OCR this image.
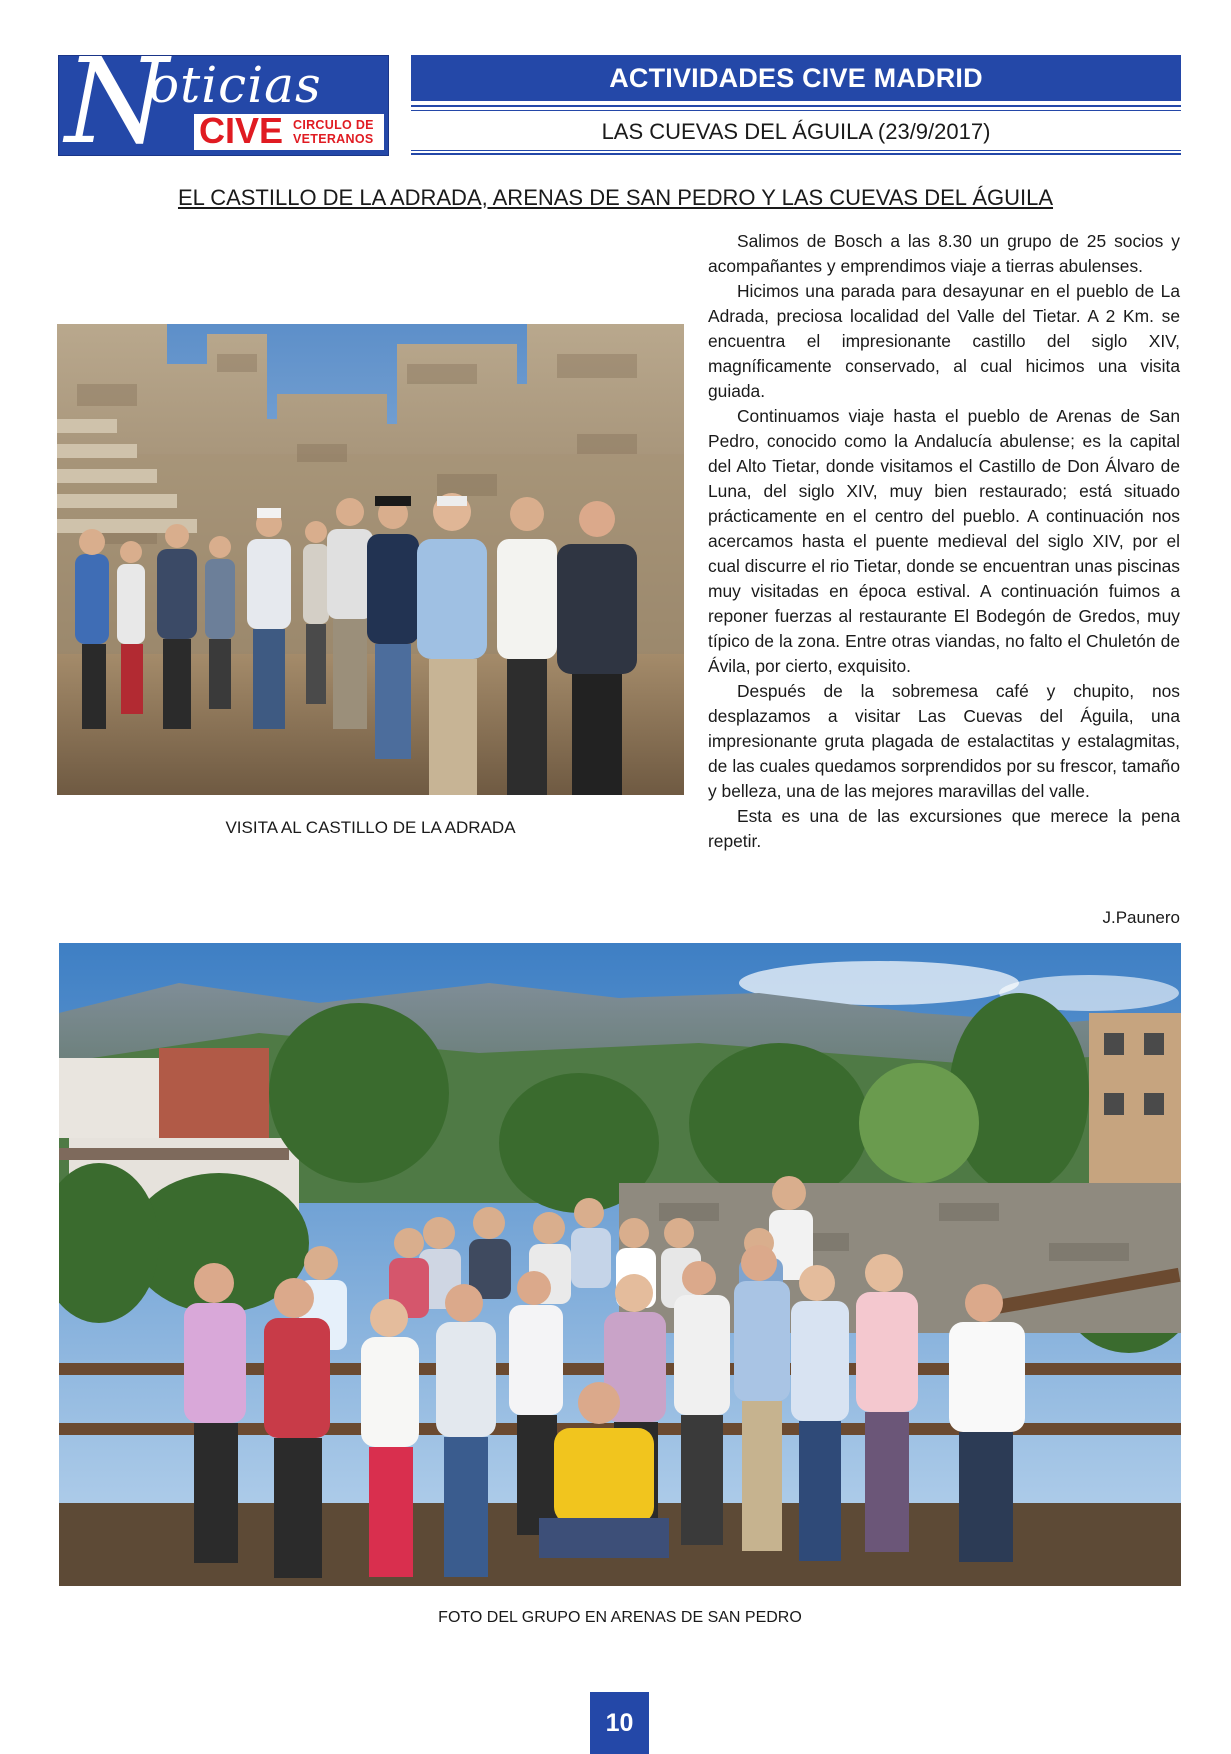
N
oticias
CIVE CIRCULO DE
VETERANOS
ACTIVIDADES CIVE MADRID
LAS CUEVAS DEL ÁGUILA (23/9/2017)
EL CASTILLO DE LA ADRADA, ARENAS DE SAN PEDRO Y LAS CUEVAS DEL ÁGUILA
VISITA AL CASTILLO DE LA ADRADA

Salimos de Bosch a las 8.30 un grupo de 25 socios y acompañantes y emprendimos viaje a tierras abulenses.

Hicimos una parada para desayunar en el pueblo de La Adrada, preciosa localidad del Valle del Tietar. A 2 Km. se encuentra el impresionante castillo del siglo XIV, magníficamente conservado, al cual hicimos una visita guiada.

Continuamos viaje hasta el pueblo de Arenas de San Pedro, conocido como la Andalucía abulense; es la capital del Alto Tietar, donde visitamos el Castillo de Don Álvaro de Luna, del siglo XIV, muy bien restaurado; está situado prácticamente en el centro del pueblo. A continuación nos acercamos hasta el puente medieval del siglo XIV, por el cual discurre el rio Tietar, donde se encuentran unas piscinas muy visitadas en época estival. A continuación fuimos a reponer fuerzas al restaurante El Bodegón de Gredos, muy típico de la zona. Entre otras viandas, no falto el Chuletón de Ávila, por cierto, exquisito.

Después de la sobremesa café y chupito, nos desplazamos a visitar Las Cuevas del Águila, una impresionante gruta plagada de estalactitas y estalagmitas, de las cuales quedamos sorprendidos por su frescor, tamaño y belleza, una de las mejores maravillas del valle.

Esta es una de las excursiones que merece la pena repetir.

J.Paunero
FOTO DEL GRUPO EN ARENAS DE SAN PEDRO
10
